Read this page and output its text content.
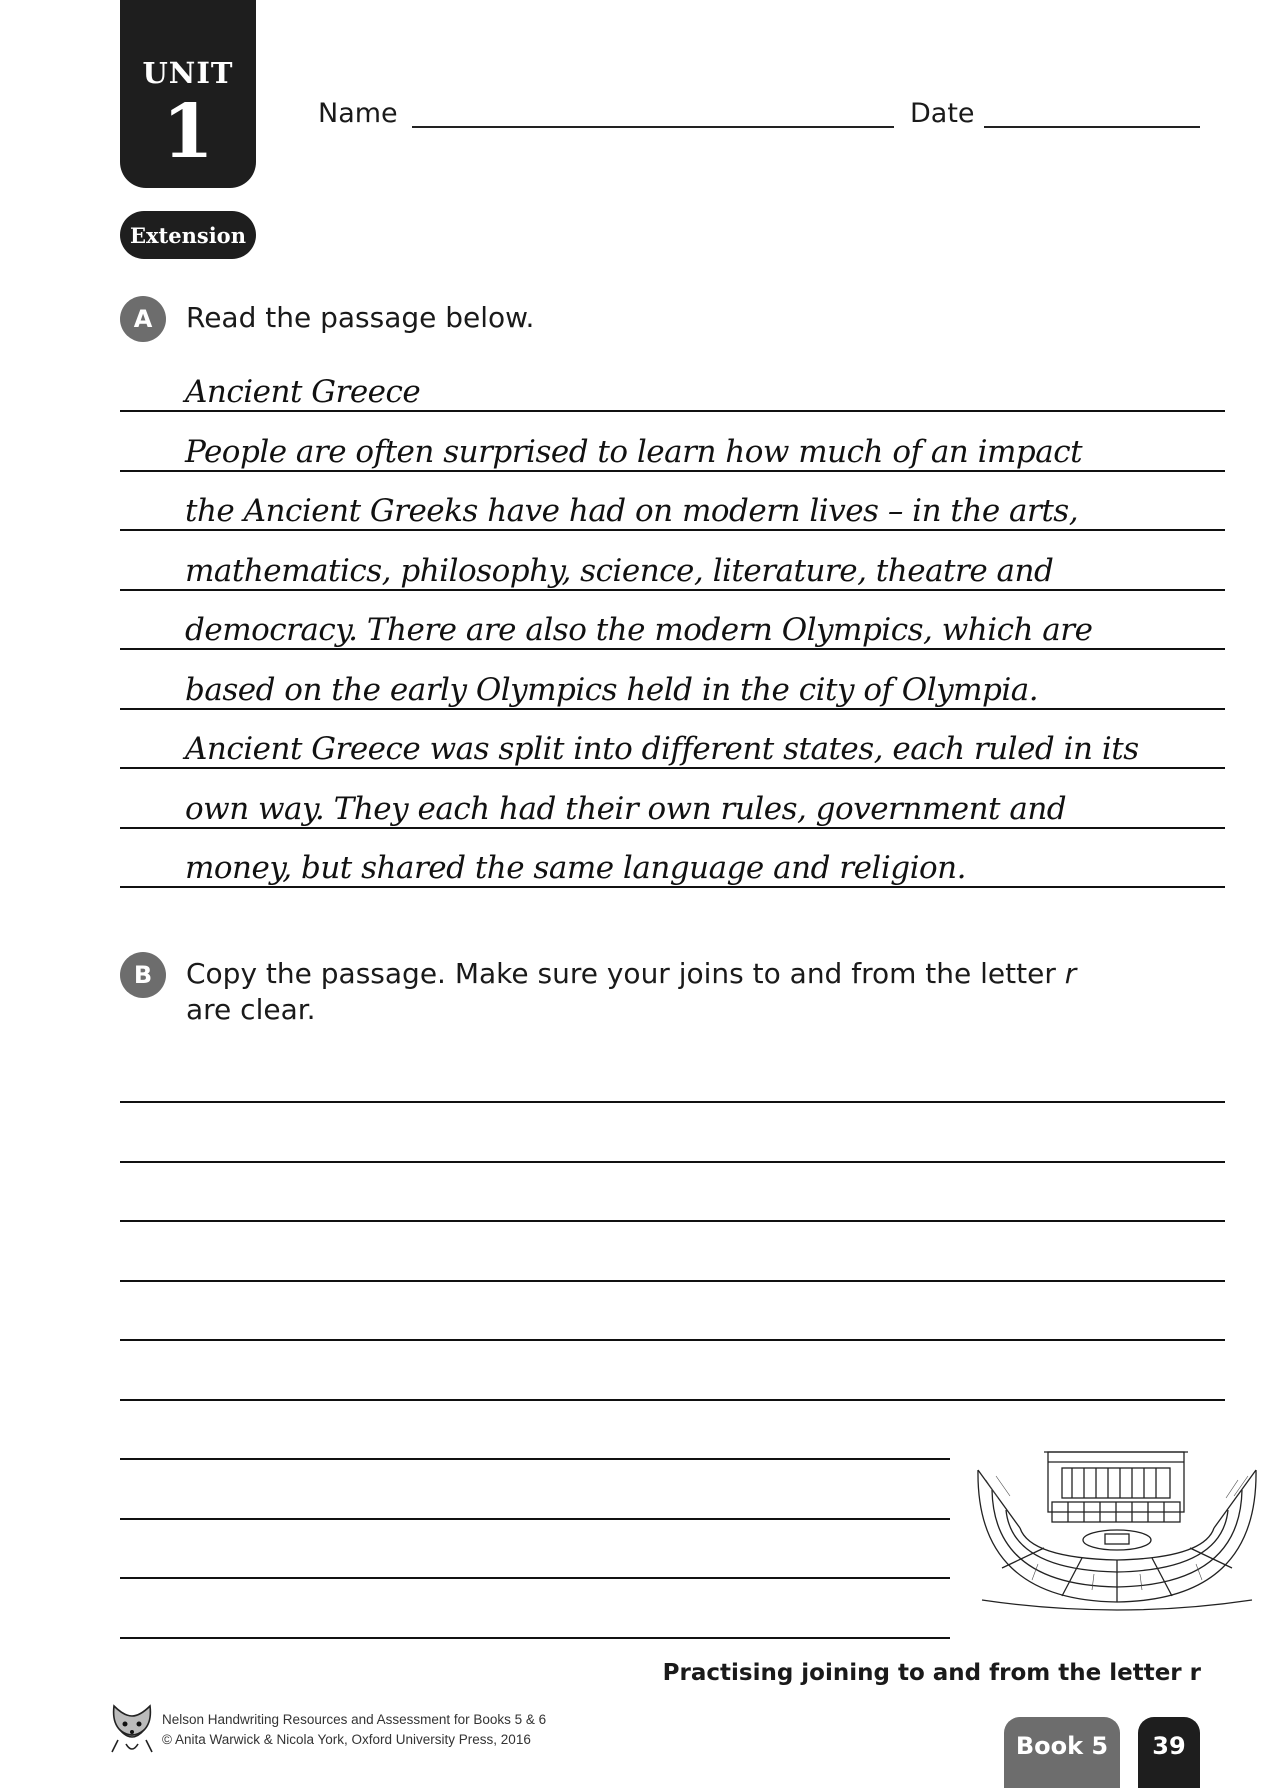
UNIT
1
Extension
Name	Date
A	Read the passage below.
Ancient Greece
People are often surprised to learn how much of an impact
the Ancient Greeks have had on modern lives – in the arts,
mathematics, philosophy, science, literature, theatre and
democracy. There are also the modern Olympics, which are
based on the early Olympics held in the city of Olympia.
Ancient Greece was split into different states, each ruled in its
own way. They each had their own rules, government and
money, but shared the same language and religion.
B	Copy the passage. Make sure your joins to and from the letter r
are clear.
Practising joining to and from the letter r
Nelson Handwriting Resources and Assessment for Books 5 & 6
© Anita Warwick & Nicola York, Oxford University Press, 2016	Book 5	39
